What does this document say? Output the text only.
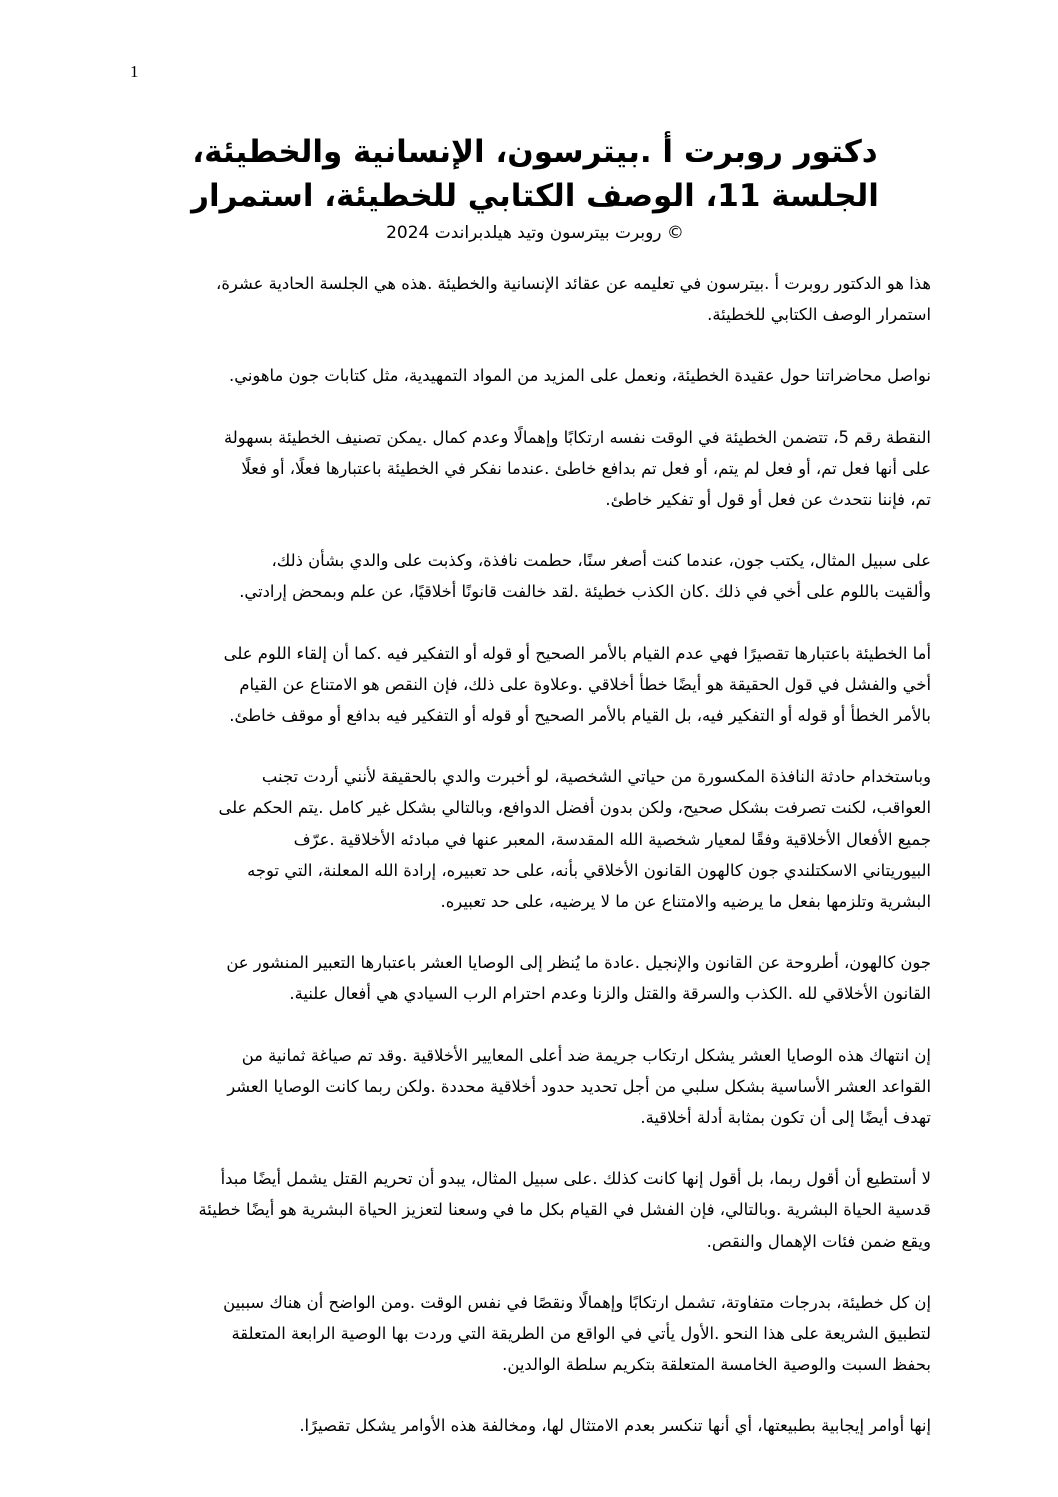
1
،دكتور روبرت أ .بيترسون، الإنسانية والخطيئة
الجلسة 11، الوصف الكتابي للخطيئة، استمرار
روبرت بيترسون وتيد هيلدبراندت 2024 ©
،هذا هو الدكتور روبرت أ .بيترسون في تعليمه عن عقائد الإنسانية والخطيئة .هذه هي الجلسة الحادية عشرة
.استمرار الوصف الكتابي للخطيئة
.نواصل محاضراتنا حول عقيدة الخطيئة، ونعمل على المزيد من المواد التمهيدية، مثل كتابات جون ماهوني
النقطة رقم 5، تتضمن الخطيئة في الوقت نفسه ارتكابًا وإهمالًا وعدم كمال .يمكن تصنيف الخطيئة بسهولة
على أنها فعل تم، أو فعل لم يتم، أو فعل تم بدافع خاطئ .عندما نفكر في الخطيئة باعتبارها فعلًا، أو فعلًا
.تم، فإننا نتحدث عن فعل أو قول أو تفكير خاطئ
،على سبيل المثال، يكتب جون، عندما كنت أصغر سنًا، حطمت نافذة، وكذبت على والدي بشأن ذلك
.وألقيت باللوم على أخي في ذلك .كان الكذب خطيئة .لقد خالفت قانونًا أخلاقيًا، عن علم وبمحض إرادتي
أما الخطيئة باعتبارها تقصيرًا فهي عدم القيام بالأمر الصحيح أو قوله أو التفكير فيه .كما أن إلقاء اللوم على
أخي والفشل في قول الحقيقة هو أيضًا خطأ أخلاقي .وعلاوة على ذلك، فإن النقص هو الامتناع عن القيام
.بالأمر الخطأ أو قوله أو التفكير فيه، بل القيام بالأمر الصحيح أو قوله أو التفكير فيه بدافع أو موقف خاطئ
وباستخدام حادثة النافذة المكسورة من حياتي الشخصية، لو أخبرت والدي بالحقيقة لأنني أردت تجنب
العواقب، لكنت تصرفت بشكل صحيح، ولكن بدون أفضل الدوافع، وبالتالي بشكل غير كامل .يتم الحكم على
جميع الأفعال الأخلاقية وفقًا لمعيار شخصية الله المقدسة، المعبر عنها في مبادئه الأخلاقية .عرّف
البيوريتاني الاسكتلندي جون كالهون القانون الأخلاقي بأنه، على حد تعبيره، إرادة الله المعلنة، التي توجه
.البشرية وتلزمها بفعل ما يرضيه والامتناع عن ما لا يرضيه، على حد تعبيره
جون كالهون، أطروحة عن القانون والإنجيل .عادة ما يُنظر إلى الوصايا العشر باعتبارها التعبير المنشور عن
.القانون الأخلاقي لله .الكذب والسرقة والقتل والزنا وعدم احترام الرب السيادي هي أفعال علنية
إن انتهاك هذه الوصايا العشر يشكل ارتكاب جريمة ضد أعلى المعايير الأخلاقية .وقد تم صياغة ثمانية من
القواعد العشر الأساسية بشكل سلبي من أجل تحديد حدود أخلاقية محددة .ولكن ربما كانت الوصايا العشر
.تهدف أيضًا إلى أن تكون بمثابة أدلة أخلاقية
لا أستطيع أن أقول ربما، بل أقول إنها كانت كذلك .على سبيل المثال، يبدو أن تحريم القتل يشمل أيضًا مبدأ
قدسية الحياة البشرية .وبالتالي، فإن الفشل في القيام بكل ما في وسعنا لتعزيز الحياة البشرية هو أيضًا خطيئة
.ويقع ضمن فئات الإهمال والنقص
إن كل خطيئة، بدرجات متفاوتة، تشمل ارتكابًا وإهمالًا ونقصًا في نفس الوقت .ومن الواضح أن هناك سببين
لتطبيق الشريعة على هذا النحو .الأول يأتي في الواقع من الطريقة التي وردت بها الوصية الرابعة المتعلقة
.بحفظ السبت والوصية الخامسة المتعلقة بتكريم سلطة الوالدين
.إنها أوامر إيجابية بطبيعتها، أي أنها تنكسر بعدم الامتثال لها، ومخالفة هذه الأوامر يشكل تقصيرًا
